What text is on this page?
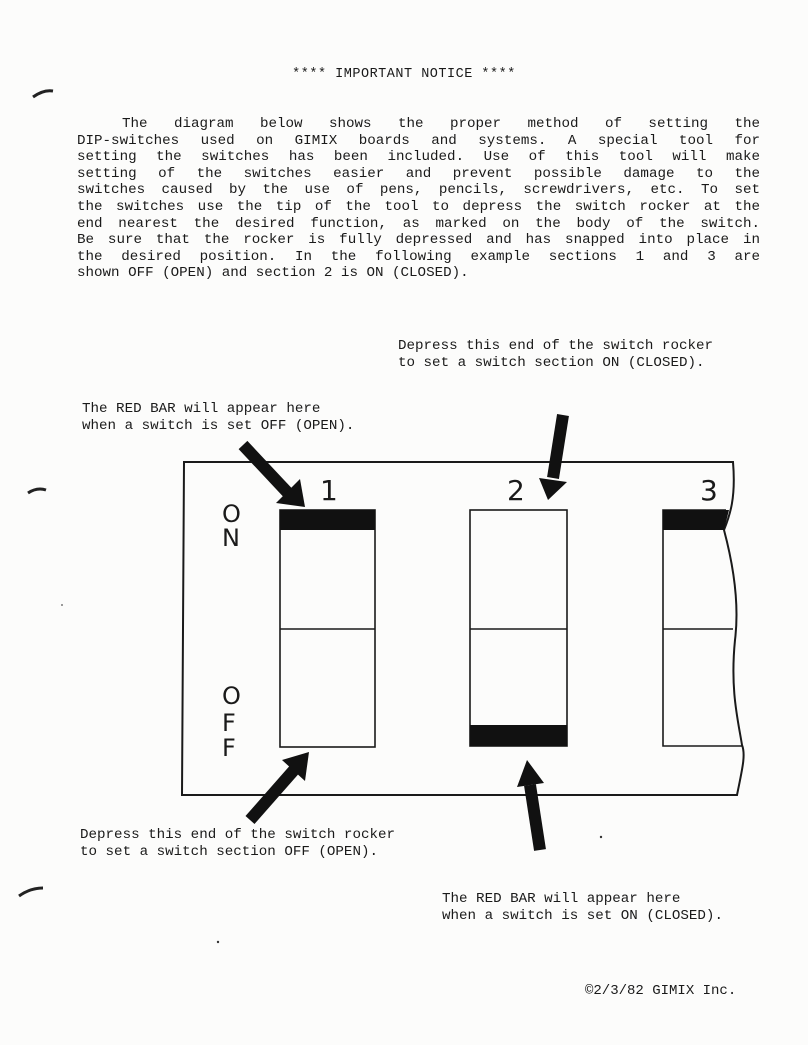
**** IMPORTANT NOTICE ****
The diagram below shows the proper method of setting the
DIP-switches used on GIMIX boards and systems. A special tool for
setting the switches has been included. Use of this tool will make
setting of the switches easier and prevent possible damage to the
switches caused by the use of pens, pencils, screwdrivers, etc. To set
the switches use the tip of the tool to depress the switch rocker at the
end nearest the desired function, as marked on the body of the switch.
Be sure that the rocker is fully depressed and has snapped into place in
the desired position. In the following example sections 1 and 3 are
shown OFF (OPEN) and section 2 is ON (CLOSED).
Depress this end of the switch rocker
to set a switch section ON (CLOSED).
The RED BAR will appear here
when a switch is set OFF (OPEN).
Depress this end of the switch rocker
to set a switch section OFF (OPEN).
The RED BAR will appear here
when a switch is set ON (CLOSED).
©2/3/82 GIMIX Inc.
O
N
O
F
F
1	2	3
